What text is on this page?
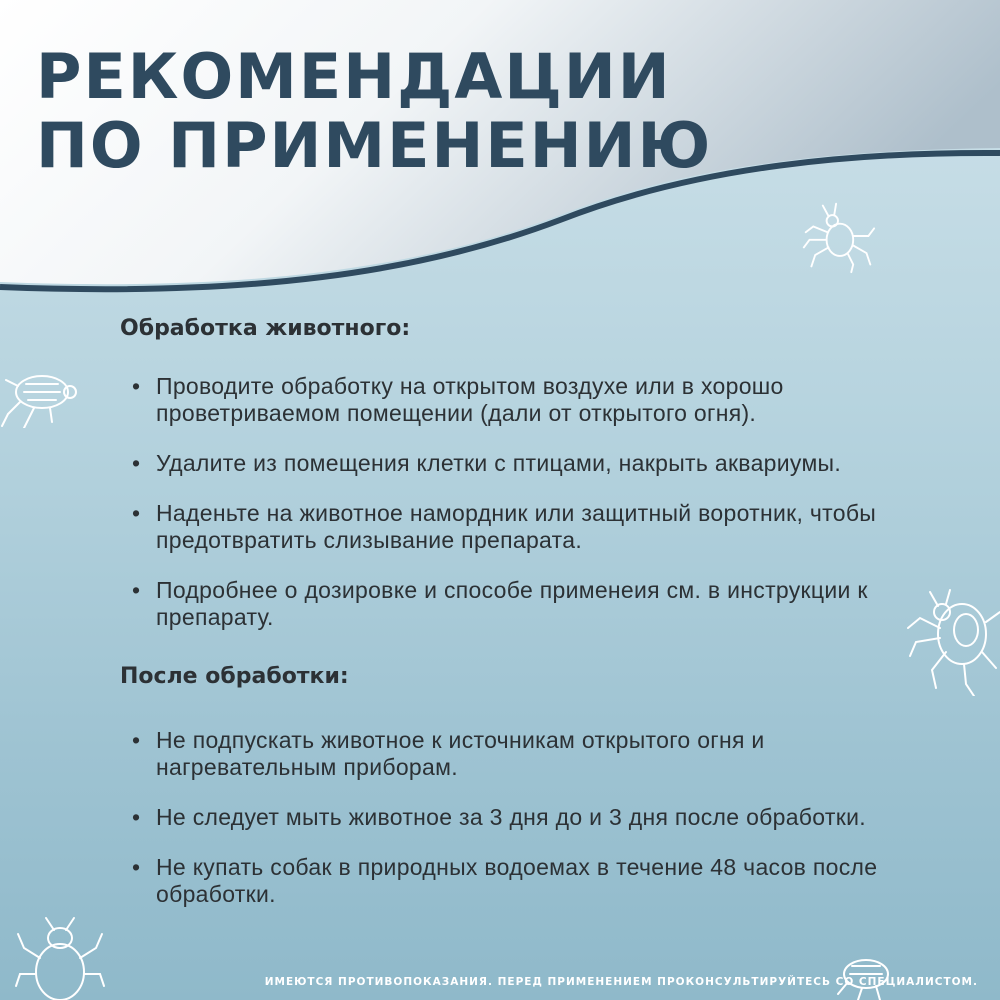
РЕКОМЕНДАЦИИ
ПО ПРИМЕНЕНИЮ
Обработка животного:
• Проводите обработку на открытом воздухе или в хорошо проветриваемом помещении (дали от открытого огня).
• Удалите из помещения клетки с птицами, накрыть аквариумы.
• Наденьте на животное намордник или защитный воротник, чтобы предотвратить слизывание препарата.
• Подробнее о дозировке и способе применеия см. в инструкции к препарату.
После обработки:
• Не подпускать животное к источникам открытого огня и нагревательным приборам.
• Не следует мыть животное за 3 дня до и 3 дня после обработки.
• Не купать собак в природных водоемах в течение 48 часов после обработки.
ИМЕЮТСЯ ПРОТИВОПОКАЗАНИЯ. ПЕРЕД ПРИМЕНЕНИЕМ ПРОКОНСУЛЬТИРУЙТЕСЬ СО СПЕЦИАЛИСТОМ.
